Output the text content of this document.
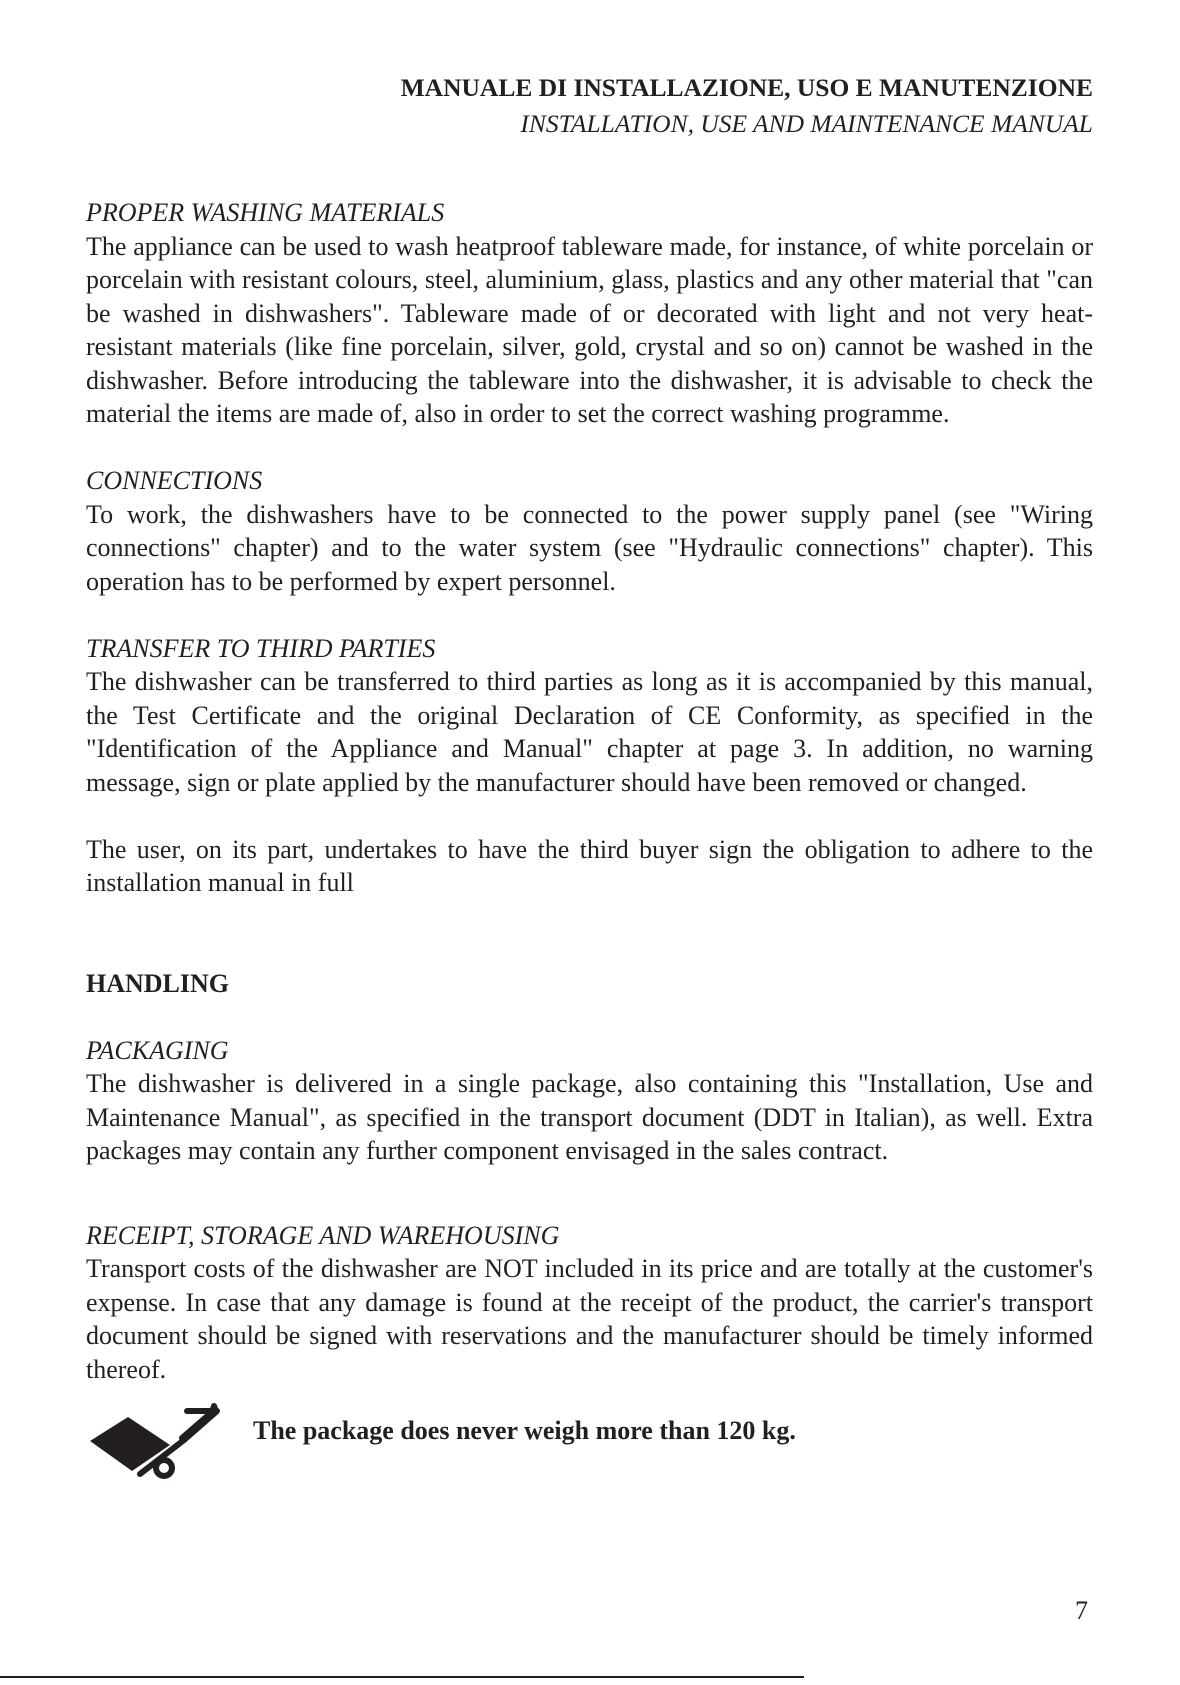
MANUALE DI INSTALLAZIONE, USO E MANUTENZIONE
INSTALLATION, USE AND MAINTENANCE MANUAL

PROPER WASHING MATERIALS

The appliance can be used to wash heatproof tableware made, for instance, of white porcelain or porcelain with resistant colours, steel, aluminium, glass, plastics and any other material that "can be washed in dishwashers". Tableware made of or decorated with light and not very heat-resistant materials (like fine porcelain, silver, gold, crystal and so on) cannot be washed in the dishwasher. Before introducing the tableware into the dishwasher, it is advisable to check the material the items are made of, also in order to set the correct washing programme.

CONNECTIONS

To work, the dishwashers have to be connected to the power supply panel (see "Wiring connections" chapter) and to the water system (see "Hydraulic connections" chapter). This operation has to be performed by expert personnel.

TRANSFER TO THIRD PARTIES

The dishwasher can be transferred to third parties as long as it is accompanied by this manual, the Test Certificate and the original Declaration of CE Conformity, as specified in the "Identification of the Appliance and Manual" chapter at page 3. In addition, no warning message, sign or plate applied by the manufacturer should have been removed or changed.

The user, on its part, undertakes to have the third buyer sign the obligation to adhere to the installation manual in full

HANDLING

PACKAGING

The dishwasher is delivered in a single package, also containing this "Installation, Use and Maintenance Manual", as specified in the transport document (DDT in Italian), as well. Extra packages may contain any further component envisaged in the sales contract.

RECEIPT, STORAGE AND WAREHOUSING

Transport costs of the dishwasher are NOT included in its price and are totally at the customer's expense. In case that any damage is found at the receipt of the product, the carrier's transport document should be signed with reservations and the manufacturer should be timely informed thereof.

The package does never weigh more than 120 kg.
7
